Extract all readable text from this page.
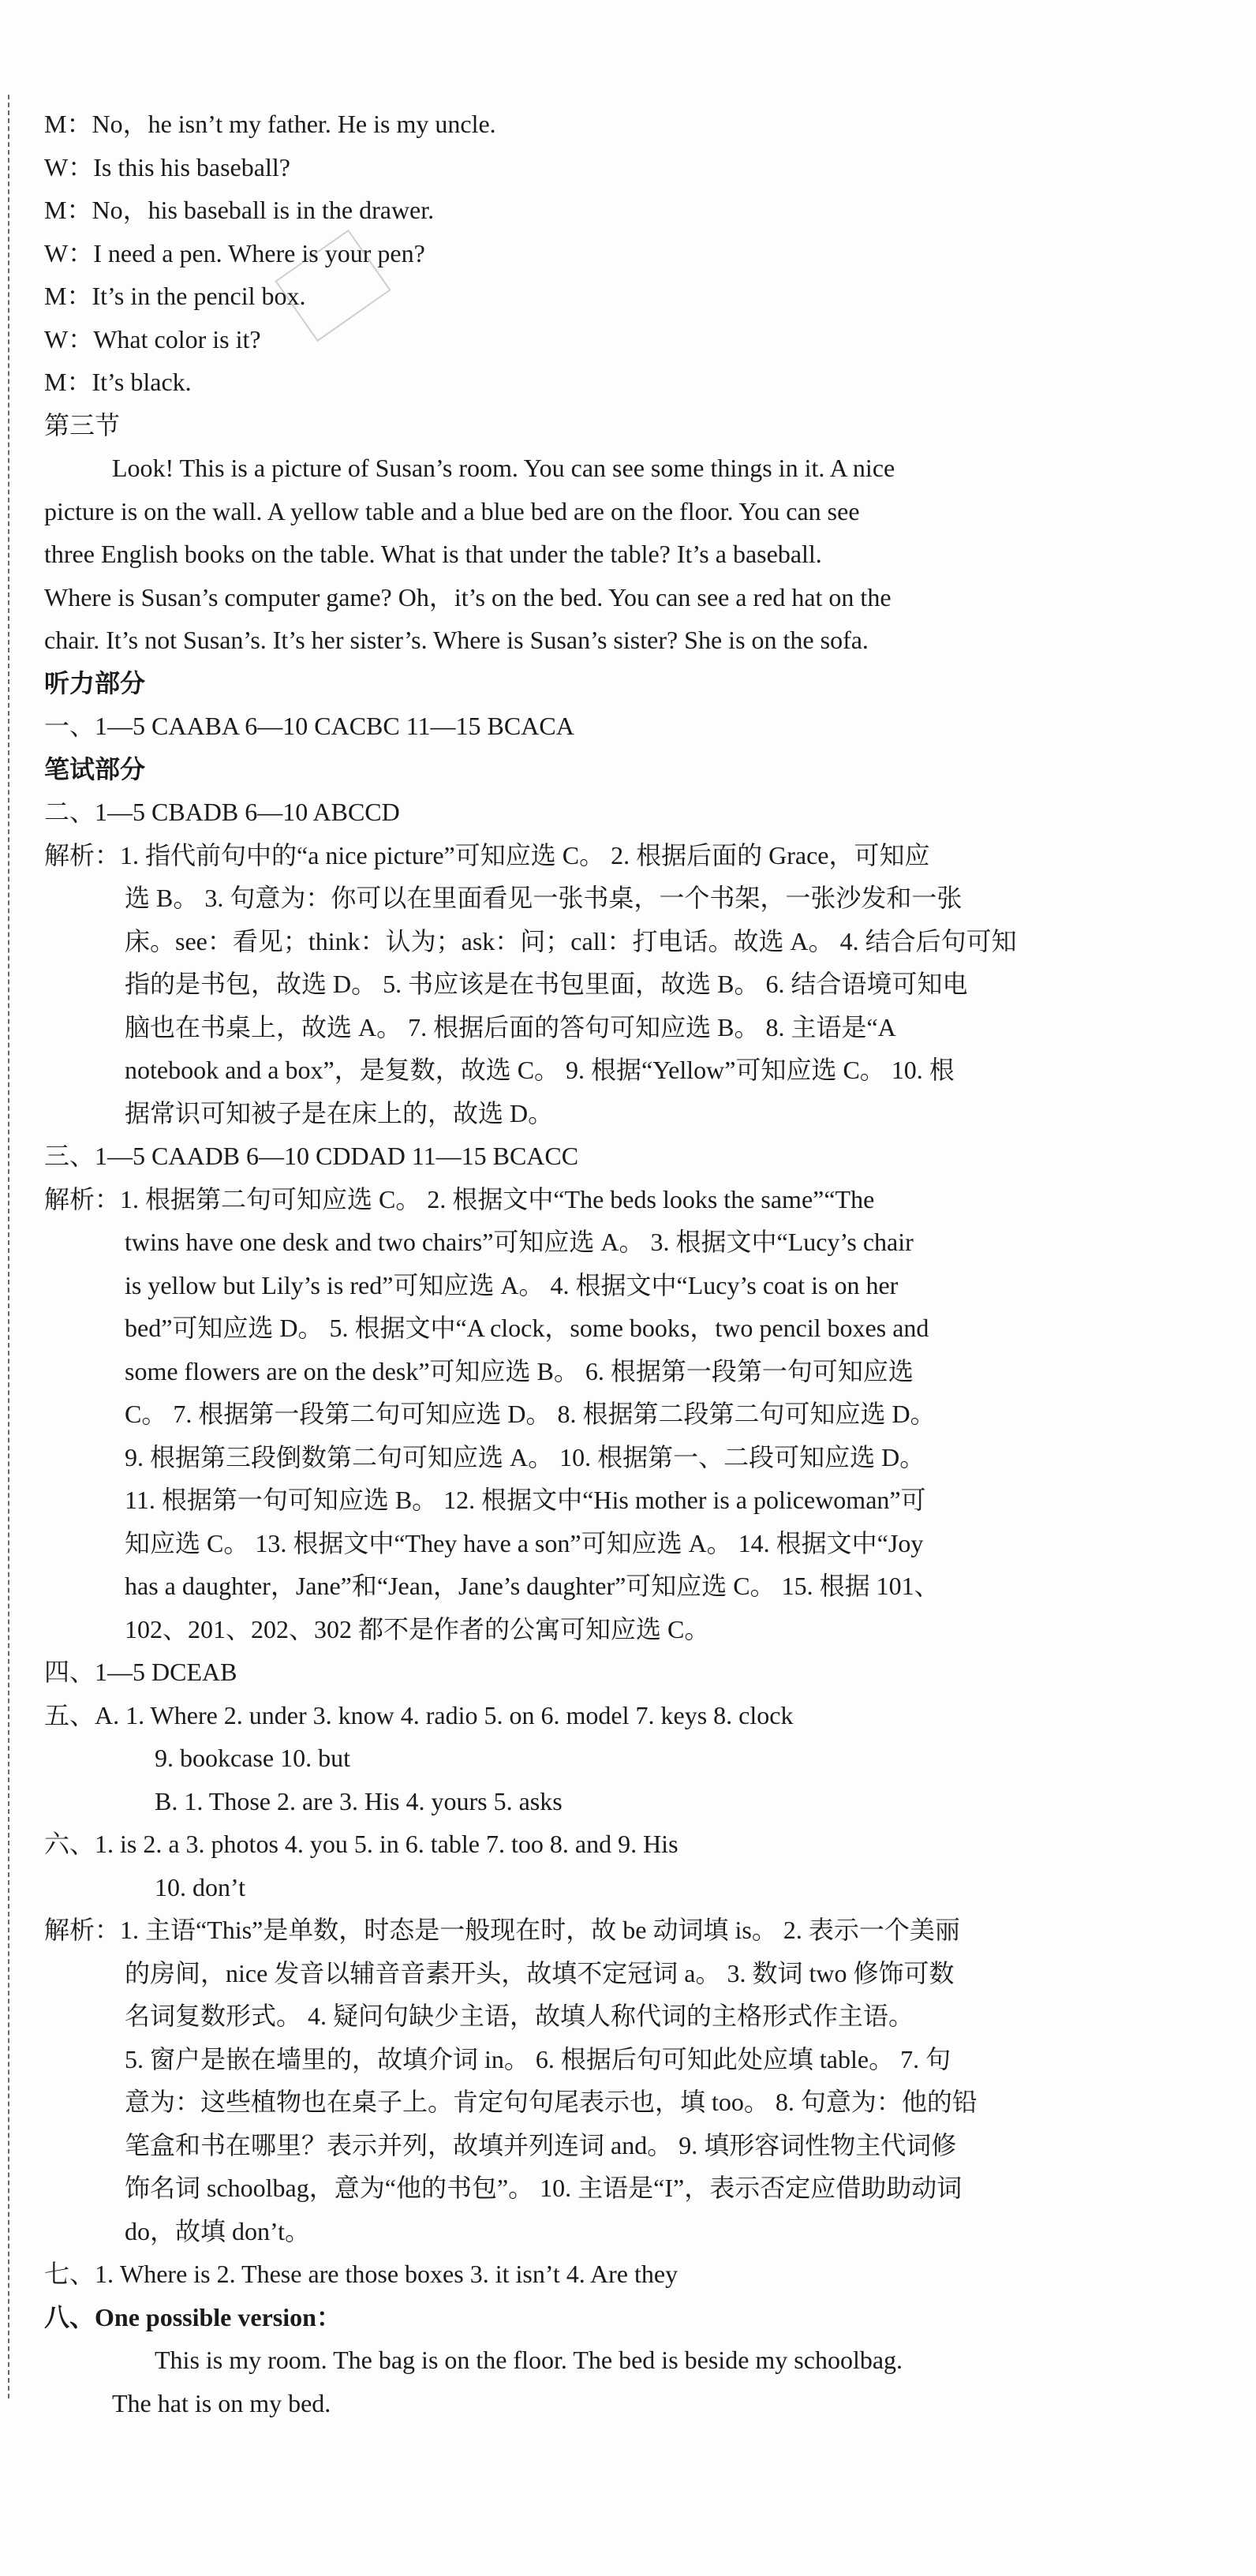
M：No，he isn’t my father. He is my uncle.
W：Is this his baseball?
M：No，his baseball is in the drawer.
W：I need a pen. Where is your pen?
M：It’s in the pencil box.
W：What color is it?
M：It’s black.
第三节
Look! This is a picture of Susan’s room. You can see some things in it. A nice
picture is on the wall. A yellow table and a blue bed are on the floor. You can see
three English books on the table. What is that under the table? It’s a baseball.
Where is Susan’s computer game? Oh，it’s on the bed. You can see a red hat on the
chair. It’s not Susan’s. It’s her sister’s. Where is Susan’s sister? She is on the sofa.
听力部分
一、1—5 CAABA 6—10 CACBC 11—15 BCACA
笔试部分
二、1—5 CBADB 6—10 ABCCD
解析：1. 指代前句中的“a nice picture”可知应选 C。 2. 根据后面的 Grace，可知应
选 B。 3. 句意为：你可以在里面看见一张书桌，一个书架，一张沙发和一张
床。see：看见；think：认为；ask：问；call：打电话。故选 A。 4. 结合后句可知
指的是书包，故选 D。 5. 书应该是在书包里面，故选 B。 6. 结合语境可知电
脑也在书桌上，故选 A。 7. 根据后面的答句可知应选 B。 8. 主语是“A
notebook and a box”，是复数，故选 C。 9. 根据“Yellow”可知应选 C。 10. 根
据常识可知被子是在床上的，故选 D。
三、1—5 CAADB 6—10 CDDAD 11—15 BCACC
解析：1. 根据第二句可知应选 C。 2. 根据文中“The beds looks the same”“The
twins have one desk and two chairs”可知应选 A。 3. 根据文中“Lucy’s chair
is yellow but Lily’s is red”可知应选 A。 4. 根据文中“Lucy’s coat is on her
bed”可知应选 D。 5. 根据文中“A clock，some books，two pencil boxes and
some flowers are on the desk”可知应选 B。 6. 根据第一段第一句可知应选
C。 7. 根据第一段第二句可知应选 D。 8. 根据第二段第二句可知应选 D。
9. 根据第三段倒数第二句可知应选 A。 10. 根据第一、二段可知应选 D。
11. 根据第一句可知应选 B。 12. 根据文中“His mother is a policewoman”可
知应选 C。 13. 根据文中“They have a son”可知应选 A。 14. 根据文中“Joy
has a daughter，Jane”和“Jean，Jane’s daughter”可知应选 C。 15. 根据 101、
102、201、202、302 都不是作者的公寓可知应选 C。
四、1—5 DCEAB
五、A. 1. Where 2. under 3. know 4. radio 5. on 6. model 7. keys 8. clock
9. bookcase 10. but
B. 1. Those 2. are 3. His 4. yours 5. asks
六、1. is 2. a 3. photos 4. you 5. in 6. table 7. too 8. and 9. His
10. don’t
解析：1. 主语“This”是单数，时态是一般现在时，故 be 动词填 is。 2. 表示一个美丽
的房间，nice 发音以辅音音素开头，故填不定冠词 a。 3. 数词 two 修饰可数
名词复数形式。 4. 疑问句缺少主语，故填人称代词的主格形式作主语。
5. 窗户是嵌在墙里的，故填介词 in。 6. 根据后句可知此处应填 table。 7. 句
意为：这些植物也在桌子上。肯定句句尾表示也，填 too。 8. 句意为：他的铅
笔盒和书在哪里？表示并列，故填并列连词 and。 9. 填形容词性物主代词修
饰名词 schoolbag，意为“他的书包”。 10. 主语是“I”，表示否定应借助助动词
do，故填 don’t。
七、1. Where is 2. These are those boxes 3. it isn’t 4. Are they
八、One possible version：
This is my room. The bag is on the floor. The bed is beside my schoolbag.
The hat is on my bed.
